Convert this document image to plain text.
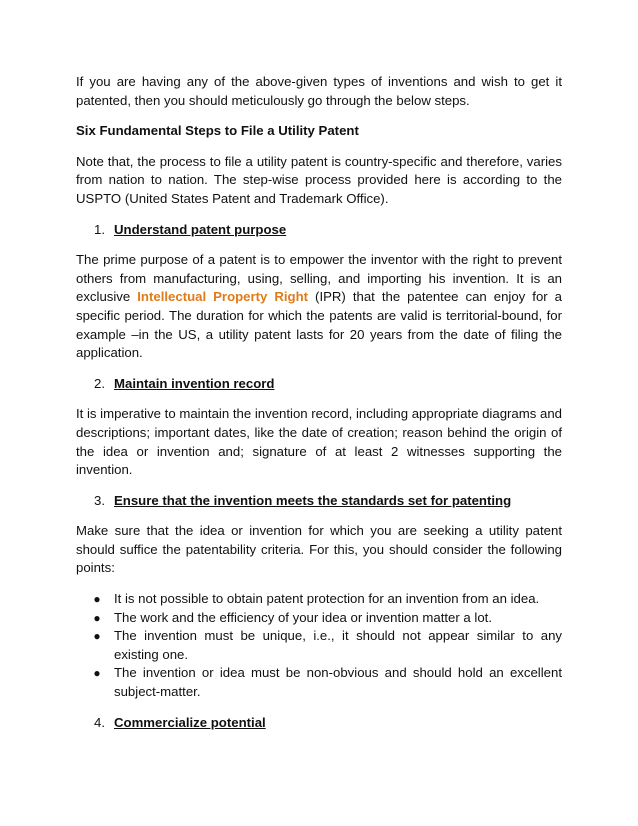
If you are having any of the above-given types of inventions and wish to get it patented, then you should meticulously go through the below steps.

Six Fundamental Steps to File a Utility Patent

Note that, the process to file a utility patent is country-specific and therefore, varies from nation to nation. The step-wise process provided here is according to the USPTO (United States Patent and Trademark Office).

1. Understand patent purpose

The prime purpose of a patent is to empower the inventor with the right to prevent others from manufacturing, using, selling, and importing his invention. It is an exclusive Intellectual Property Right (IPR) that the patentee can enjoy for a specific period. The duration for which the patents are valid is territorial-bound, for example –in the US, a utility patent lasts for 20 years from the date of filing the application.

2. Maintain invention record

It is imperative to maintain the invention record, including appropriate diagrams and descriptions; important dates, like the date of creation; reason behind the origin of the idea or invention and; signature of at least 2 witnesses supporting the invention.

3. Ensure that the invention meets the standards set for patenting

Make sure that the idea or invention for which you are seeking a utility patent should suffice the patentability criteria. For this, you should consider the following points:

●	It is not possible to obtain patent protection for an invention from an idea.
●	The work and the efficiency of your idea or invention matter a lot.
●	The invention must be unique, i.e., it should not appear similar to any existing one.
●	The invention or idea must be non-obvious and should hold an excellent subject-matter.
4. Commercialize potential
